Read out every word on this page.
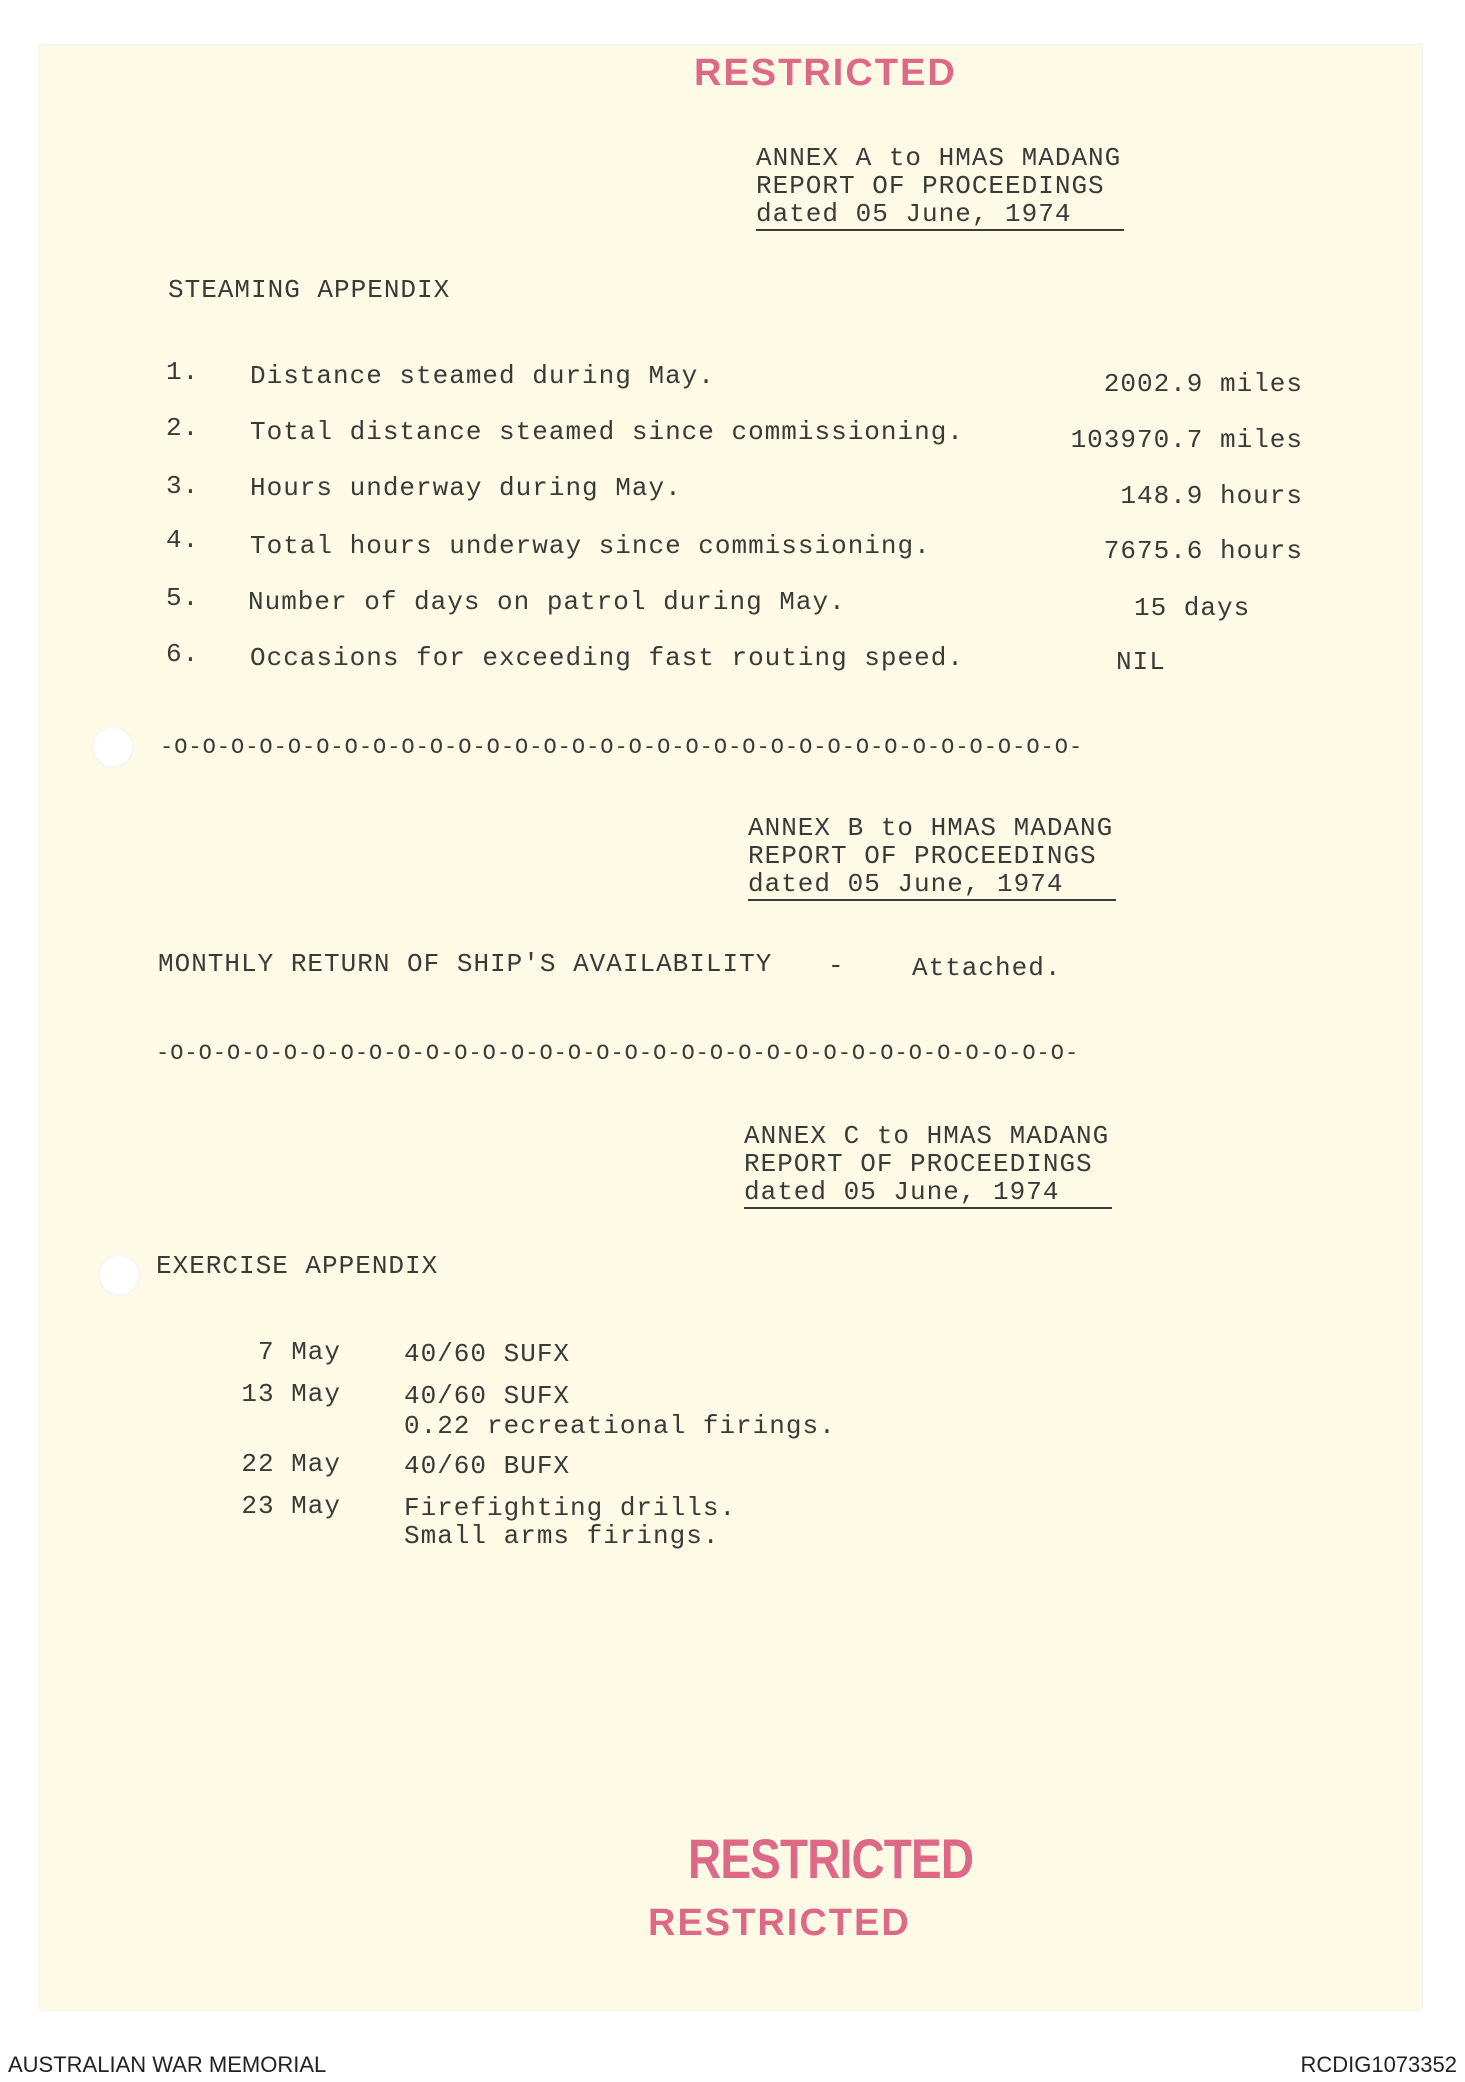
RESTRICTED
ANNEX A to HMAS MADANG
REPORT OF PROCEEDINGS
dated 05 June, 1974
STEAMING APPENDIX
1. Distance steamed during May.	2002.9 miles
2. Total distance steamed since commissioning.	103970.7 miles
3. Hours underway during May.	148.9 hours
4. Total hours underway since commissioning.	7675.6 hours
5. Number of days on patrol during May.	15 days
6. Occasions for exceeding fast routing speed.	NIL
-O-O-O-O-O-O-O-O-O-O-O-O-O-O-O-O-O-O-O-O-O-O-O-O-O-O-O-O-O-O-O-O-
ANNEX B to HMAS MADANG
REPORT OF PROCEEDINGS
dated 05 June, 1974
MONTHLY RETURN OF SHIP'S AVAILABILITY -	Attached.
-O-O-O-O-O-O-O-O-O-O-O-O-O-O-O-O-O-O-O-O-O-O-O-O-O-O-O-O-O-O-O-O-
ANNEX C to HMAS MADANG
REPORT OF PROCEEDINGS
dated 05 June, 1974
EXERCISE APPENDIX
7 May 40/60 SUFX
13 May 40/60 SUFX
0.22 recreational firings.
22 May 40/60 BUFX
23 May Firefighting drills.
Small arms firings.
RESTRICTED
RESTRICTED
AUSTRALIAN WAR MEMORIAL	RCDIG1073352
